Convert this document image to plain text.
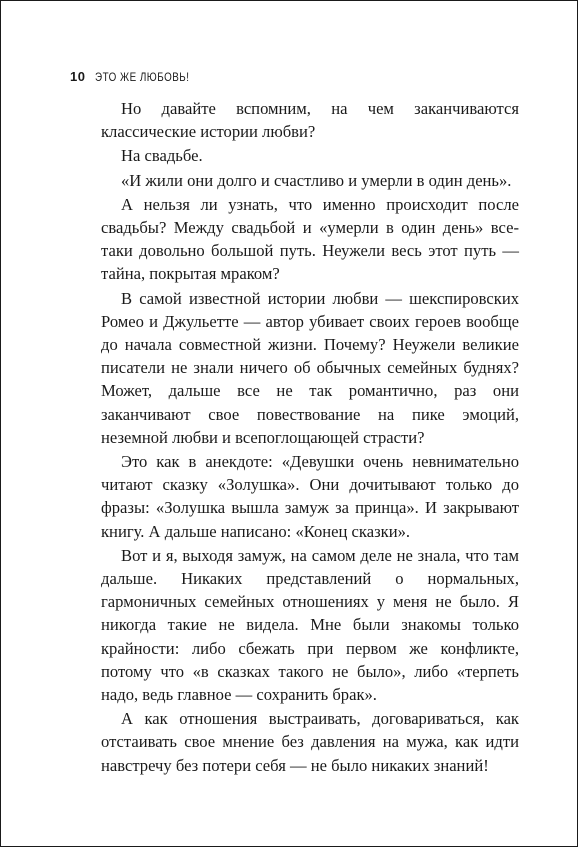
10 ЭТО ЖЕ ЛЮБОВЬ!

Но давайте вспомним, на чем заканчиваются классические истории любви?

На свадьбе.

«И жили они долго и счастливо и умерли в один день».

А нельзя ли узнать, что именно происходит после свадьбы? Между свадьбой и «умерли в один день» все-таки довольно большой путь. Неужели весь этот путь — тайна, покрытая мраком?

В самой известной истории любви — шекспировских Ромео и Джульетте — автор убивает своих героев вообще до начала совместной жизни. Почему? Неужели великие писатели не знали ничего об обычных семейных буднях? Может, дальше все не так романтично, раз они заканчивают свое повествование на пике эмоций, неземной любви и всепоглощающей страсти?

Это как в анекдоте: «Девушки очень невнимательно читают сказку «Золушка». Они дочитывают только до фразы: «Золушка вышла замуж за принца». И закрывают книгу. А дальше написано: «Конец сказки».

Вот и я, выходя замуж, на самом деле не знала, что там дальше. Никаких представлений о нормальных, гармоничных семейных отношениях у меня не было. Я никогда такие не видела. Мне были знакомы только крайности: либо сбежать при первом же конфликте, потому что «в сказках такого не было», либо «терпеть надо, ведь главное — сохранить брак».

А как отношения выстраивать, договариваться, как отстаивать свое мнение без давления на мужа, как идти навстречу без потери себя — не было никаких знаний!
